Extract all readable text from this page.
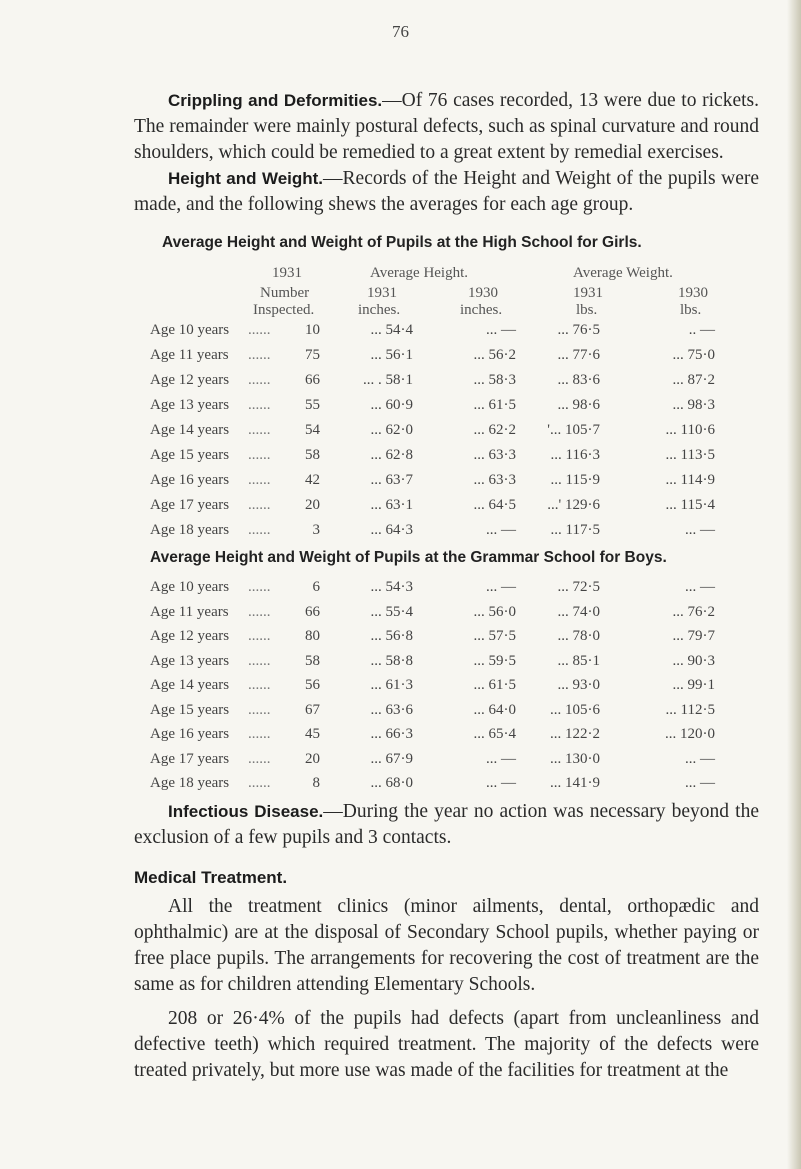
76

Crippling and Deformities.—Of 76 cases recorded, 13 were due to rickets. The remainder were mainly postural defects, such as spinal curvature and round shoulders, which could be remedied to a great extent by remedial exercises.

Height and Weight.—Records of the Height and Weight of the pupils were made, and the following shews the averages for each age group.

Average Height and Weight of Pupils at the High School for Girls.
1931	Average Height.	Average Weight.
Number	1931	1930	1931	1930
Inspected.	inches.	inches.	lbs.	lbs.
Age 10 years	10	... 54·4	... —	... 76·5	.. —
......
Age 11 years	75	... 56·1	... 56·2	... 77·6	... 75·0
......
Age 12 years	66	... . 58·1	... 58·3	... 83·6	... 87·2
......
Age 13 years	55	... 60·9	... 61·5	... 98·6	... 98·3
......
Age 14 years	54	... 62·0	... 62·2	'... 105·7	... 110·6
......
Age 15 years	58	... 62·8	... 63·3	... 116·3	... 113·5
......
Age 16 years	42	... 63·7	... 63·3	... 115·9	... 114·9
......
Age 17 years	20	... 63·1	... 64·5	...' 129·6	... 115·4
......
Age 18 years	3	... 64·3	... —	... 117·5	... —
......
Average Height and Weight of Pupils at the Grammar School for Boys.
Age 10 years	6	... 54·3	... —	... 72·5	... —
......
Age 11 years	66	... 55·4	... 56·0	... 74·0	... 76·2
......
Age 12 years	80	... 56·8	... 57·5	... 78·0	... 79·7
......
Age 13 years	58	... 58·8	... 59·5	... 85·1	... 90·3
......
Age 14 years	56	... 61·3	... 61·5	... 93·0	... 99·1
......
Age 15 years	67	... 63·6	... 64·0	... 105·6	... 112·5
......
Age 16 years	45	... 66·3	... 65·4	... 122·2	... 120·0
......
Age 17 years	20	... 67·9	... —	... 130·0	... —
......
Age 18 years	8	... 68·0	... —	... 141·9	... —
......

Infectious Disease.—During the year no action was necessary beyond the exclusion of a few pupils and 3 contacts.

Medical Treatment.

All the treatment clinics (minor ailments, dental, orthopædic and ophthalmic) are at the disposal of Secondary School pupils, whether paying or free place pupils. The arrangements for recovering the cost of treatment are the same as for children attending Elementary Schools.

208 or 26·4% of the pupils had defects (apart from uncleanliness and defective teeth) which required treatment. The majority of the defects were treated privately, but more use was made of the facilities for treatment at the
